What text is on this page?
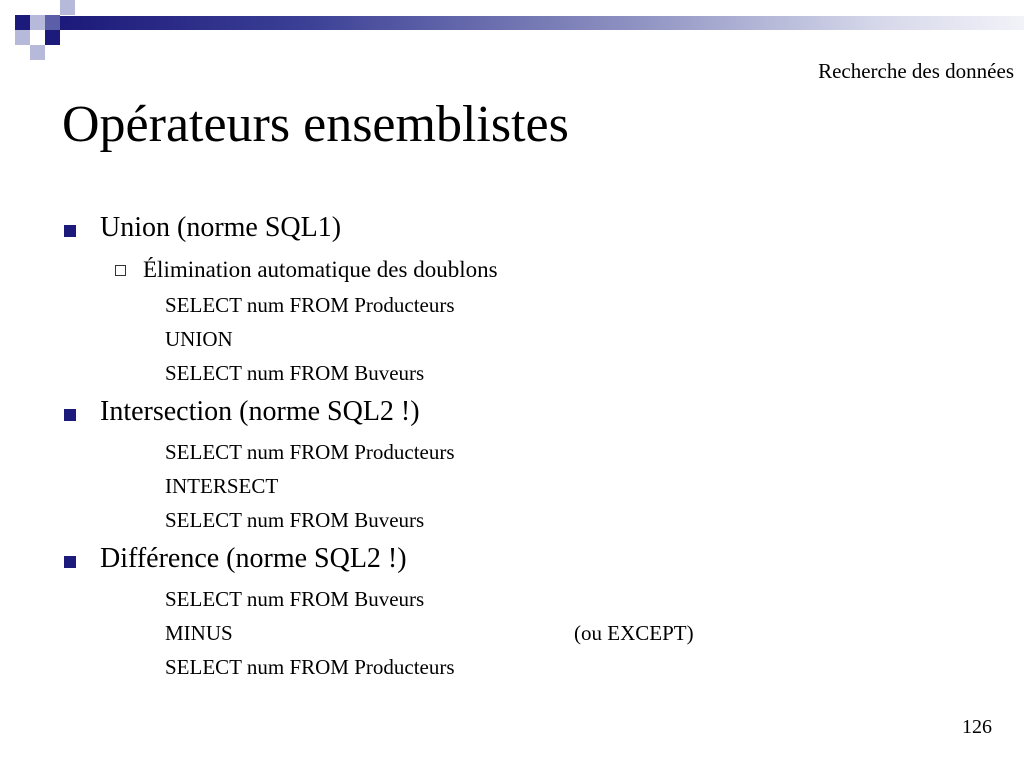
Recherche des données
Opérateurs ensemblistes
Union (norme SQL1)
Élimination automatique des doublons
SELECT num FROM Producteurs
UNION
SELECT num FROM Buveurs
Intersection (norme SQL2 !)
SELECT num FROM Producteurs
INTERSECT
SELECT num FROM Buveurs
Différence (norme SQL2 !)
SELECT num FROM Buveurs
MINUS	(ou EXCEPT)
SELECT num FROM Producteurs
126
